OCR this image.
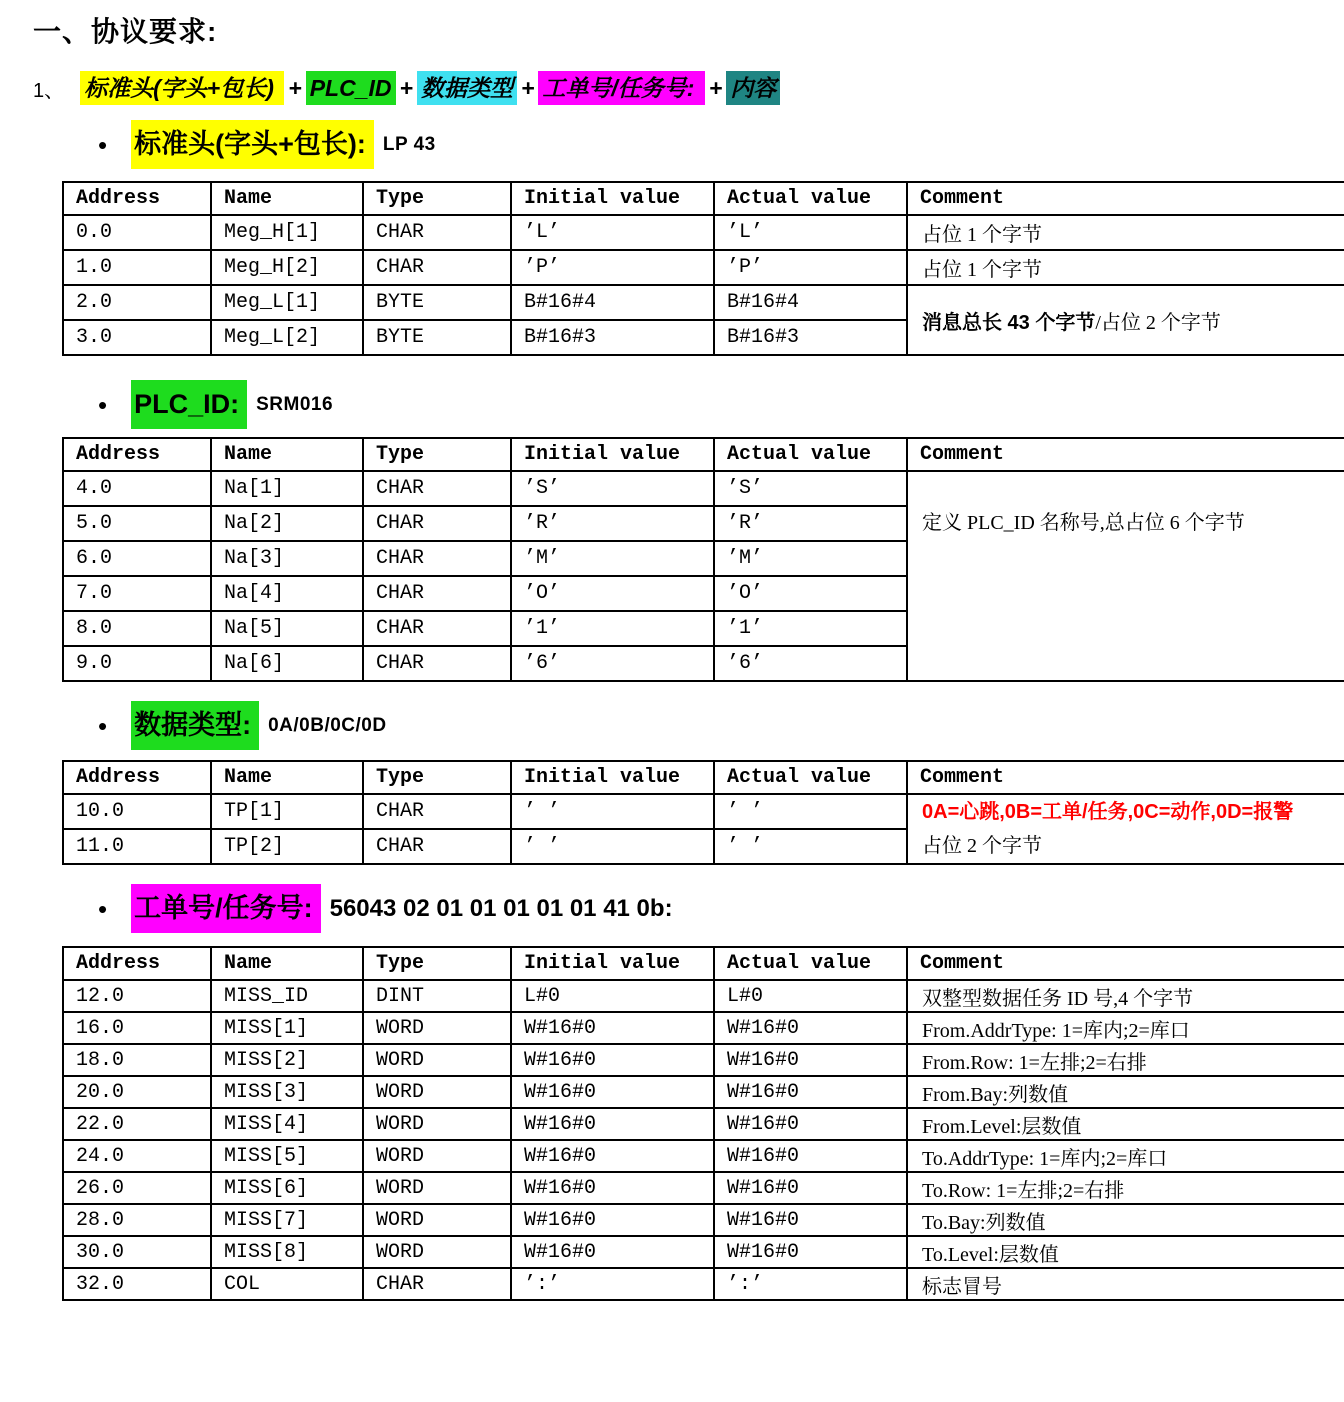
一、协议要求:
1、 标准头(字头+包长) + PLC_ID + 数据类型 + 工单号/任务号: + 内容
• 标准头(字头+包长): LP 43
Address	Name	Type	Initial value	Actual value	Comment
0.0	Meg_H[1]	CHAR	’L’	’L’	占位 1 个字节
1.0	Meg_H[2]	CHAR	’P’	’P’	占位 1 个字节
2.0	Meg_L[1]	BYTE	B#16#4	B#16#4	消息总长 43 个字节/占位 2 个字节
3.0	Meg_L[2]	BYTE	B#16#3	B#16#3	
• PLC_ID: SRM016
Address	Name	Type	Initial value	Actual value	Comment
4.0	Na[1]	CHAR	’S’	’S’	定义 PLC_ID 名称号,总占位 6 个字节
5.0	Na[2]	CHAR	’R’	’R’	
6.0	Na[3]	CHAR	’M’	’M’	
7.0	Na[4]	CHAR	’O’	’O’	
8.0	Na[5]	CHAR	’1’	’1’	
9.0	Na[6]	CHAR	’6’	’6’	
• 数据类型: 0A/0B/0C/0D
Address	Name	Type	Initial value	Actual value	Comment
10.0	TP[1]	CHAR	’ ’	’ ’	0A=心跳,0B=工单/任务,0C=动作,0D=报警
占位 2 个字节

11.0	TP[2]	CHAR	’ ’	’ ’	
• 工单号/任务号: 56043 02 01 01 01 01 01 41 0b:
Address	Name	Type	Initial value	Actual value	Comment
12.0	MISS_ID	DINT	L#0	L#0	双整型数据任务 ID 号,4 个字节
16.0	MISS[1]	WORD	W#16#0	W#16#0	From.AddrType: 1=库内;2=库口
18.0	MISS[2]	WORD	W#16#0	W#16#0	From.Row: 1=左排;2=右排
20.0	MISS[3]	WORD	W#16#0	W#16#0	From.Bay:列数值
22.0	MISS[4]	WORD	W#16#0	W#16#0	From.Level:层数值
24.0	MISS[5]	WORD	W#16#0	W#16#0	To.AddrType: 1=库内;2=库口
26.0	MISS[6]	WORD	W#16#0	W#16#0	To.Row: 1=左排;2=右排
28.0	MISS[7]	WORD	W#16#0	W#16#0	To.Bay:列数值
30.0	MISS[8]	WORD	W#16#0	W#16#0	To.Level:层数值
32.0	COL	CHAR	’:’	’:’	标志冒号
